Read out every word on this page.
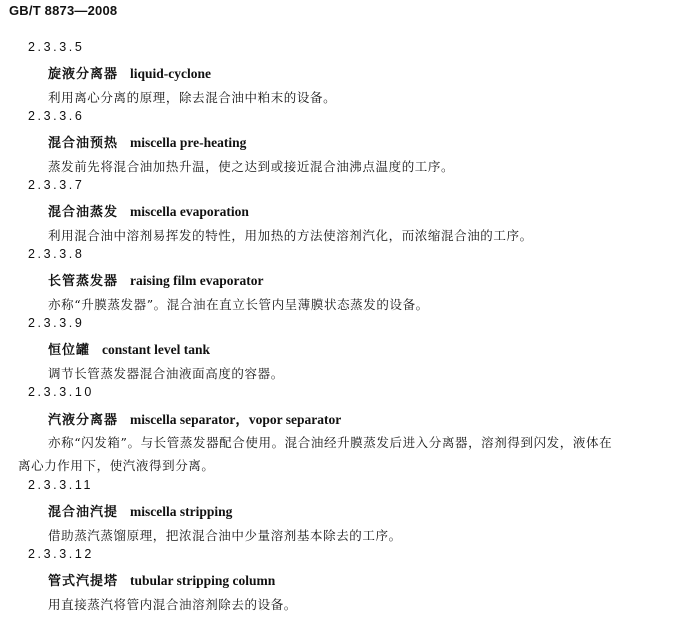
GB/T 8873—2008
2.3.3.5
旋液分离器 liquid-cyclone
利用离心分离的原理，除去混合油中粕末的设备。
2.3.3.6
混合油预热 miscella pre-heating
蒸发前先将混合油加热升温，使之达到或接近混合油沸点温度的工序。
2.3.3.7
混合油蒸发 miscella evaporation
利用混合油中溶剂易挥发的特性，用加热的方法使溶剂汽化，而浓缩混合油的工序。
2.3.3.8
长管蒸发器 raising film evaporator
亦称“升膜蒸发器”。混合油在直立长管内呈薄膜状态蒸发的设备。
2.3.3.9
恒位罐 constant level tank
调节长管蒸发器混合油液面高度的容器。
2.3.3.10
汽液分离器 miscella separator，vopor separator
亦称“闪发箱”。与长管蒸发器配合使用。混合油经升膜蒸发后进入分离器，溶剂得到闪发，液体在
离心力作用下，使汽液得到分离。
2.3.3.11
混合油汽提 miscella stripping
借助蒸汽蒸馏原理，把浓混合油中少量溶剂基本除去的工序。
2.3.3.12
管式汽提塔 tubular stripping column
用直接蒸汽将管内混合油溶剂除去的设备。
